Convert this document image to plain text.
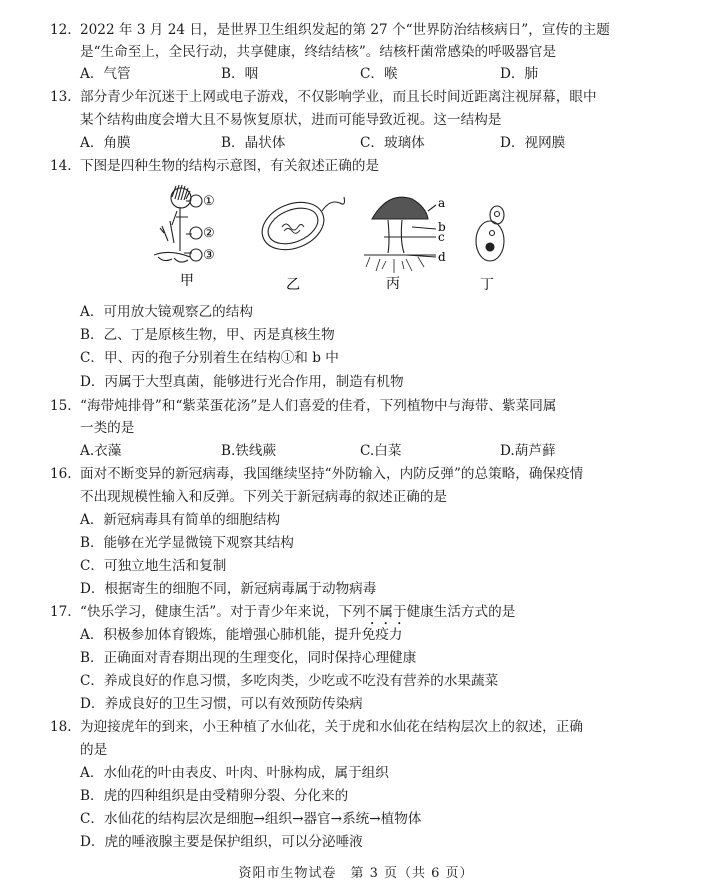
12. 2022 年 3 月 24 日，是世界卫生组织发起的第 27 个“世界防治结核病日”，宣传的主题
是“生命至上，全民行动，共享健康，终结结核”。结核杆菌常感染的呼吸器官是
A．气管	B．咽	C．喉	D．肺
13. 部分青少年沉迷于上网或电子游戏，不仅影响学业，而且长时间近距离注视屏幕，眼中
某个结构曲度会增大且不易恢复原状，进而可能导致近视。这一结构是
A．角膜	B．晶状体	C．玻璃体	D．视网膜
14. 下图是四种生物的结构示意图，有关叙述正确的是
①
②
③
a
b
c
d
甲	乙	丙	丁
A．可用放大镜观察乙的结构
B．乙、丁是原核生物，甲、丙是真核生物
C．甲、丙的孢子分别着生在结构①和 b 中
D．丙属于大型真菌，能够进行光合作用，制造有机物
15. “海带炖排骨”和“紫菜蛋花汤”是人们喜爱的佳肴，下列植物中与海带、紫菜同属
一类的是
A.衣藻	B.铁线蕨	C.白菜	D.葫芦藓
16. 面对不断变异的新冠病毒，我国继续坚持“外防输入，内防反弹”的总策略，确保疫情
不出现规模性输入和反弹。下列关于新冠病毒的叙述正确的是
A．新冠病毒具有简单的细胞结构
B．能够在光学显微镜下观察其结构
C．可独立地生活和复制
D．根据寄生的细胞不同，新冠病毒属于动物病毒
17. “快乐学习，健康生活”。对于青少年来说，下列不属于健康生活方式的是
A．积极参加体育锻炼，能增强心肺机能，提升免疫力
B．正确面对青春期出现的生理变化，同时保持心理健康
C．养成良好的作息习惯，多吃肉类，少吃或不吃没有营养的水果蔬菜
D．养成良好的卫生习惯，可以有效预防传染病
18. 为迎接虎年的到来，小王种植了水仙花，关于虎和水仙花在结构层次上的叙述，正确
的是
A．水仙花的叶由表皮、叶肉、叶脉构成，属于组织
B．虎的四种组织是由受精卵分裂、分化来的
C．水仙花的结构层次是细胞→组织→器官→系统→植物体
D．虎的唾液腺主要是保护组织，可以分泌唾液
资阳市生物试卷　第 3 页（共 6 页）
